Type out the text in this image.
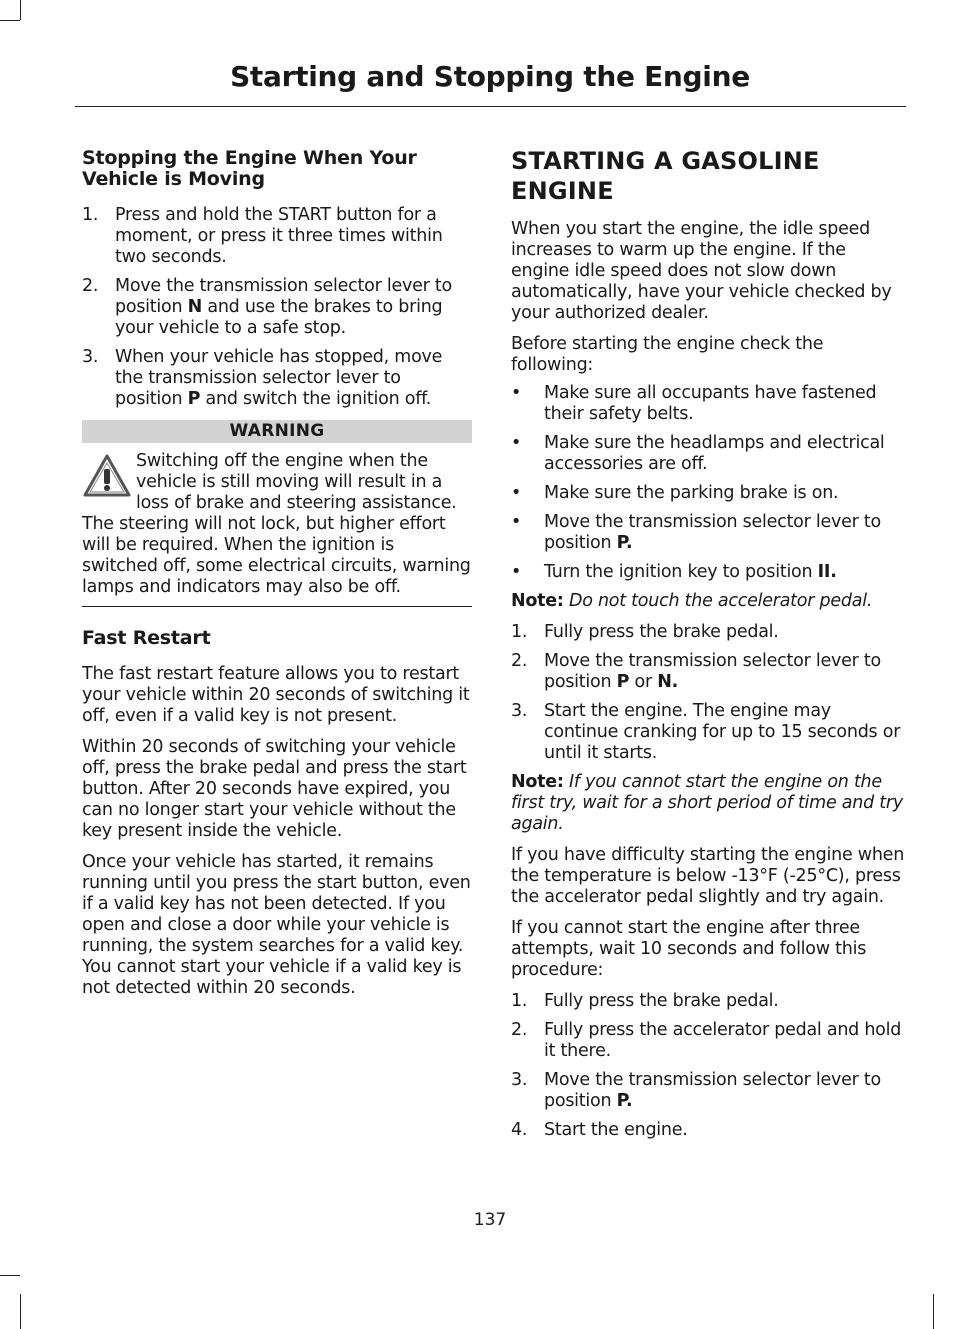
Starting and Stopping the Engine
Stopping the Engine When Your Vehicle is Moving
1. Press and hold the START button for a moment, or press it three times within two seconds.
2. Move the transmission selector lever to position N and use the brakes to bring your vehicle to a safe stop.
3. When your vehicle has stopped, move the transmission selector lever to position P and switch the ignition off.
WARNING
Switching off the engine when the vehicle is still moving will result in a loss of brake and steering assistance. The steering will not lock, but higher effort will be required. When the ignition is switched off, some electrical circuits, warning lamps and indicators may also be off.
Fast Restart

The fast restart feature allows you to restart your vehicle within 20 seconds of switching it off, even if a valid key is not present.

Within 20 seconds of switching your vehicle off, press the brake pedal and press the start button. After 20 seconds have expired, you can no longer start your vehicle without the key present inside the vehicle.

Once your vehicle has started, it remains running until you press the start button, even if a valid key has not been detected. If you open and close a door while your vehicle is running, the system searches for a valid key. You cannot start your vehicle if a valid key is not detected within 20 seconds.

STARTING A GASOLINE ENGINE

When you start the engine, the idle speed increases to warm up the engine. If the engine idle speed does not slow down automatically, have your vehicle checked by your authorized dealer.

Before starting the engine check the following:

• Make sure all occupants have fastened their safety belts.
• Make sure the headlamps and electrical accessories are off.
• Make sure the parking brake is on.
• Move the transmission selector lever to position P.
• Turn the ignition key to position II.

Note: Do not touch the accelerator pedal.

1. Fully press the brake pedal.
2. Move the transmission selector lever to position P or N.
3. Start the engine. The engine may continue cranking for up to 15 seconds or until it starts.

Note: If you cannot start the engine on the first try, wait for a short period of time and try again.

If you have difficulty starting the engine when the temperature is below -13°F (-25°C), press the accelerator pedal slightly and try again.

If you cannot start the engine after three attempts, wait 10 seconds and follow this procedure:

1. Fully press the brake pedal.
2. Fully press the accelerator pedal and hold it there.
3. Move the transmission selector lever to position P.
4. Start the engine.
137
